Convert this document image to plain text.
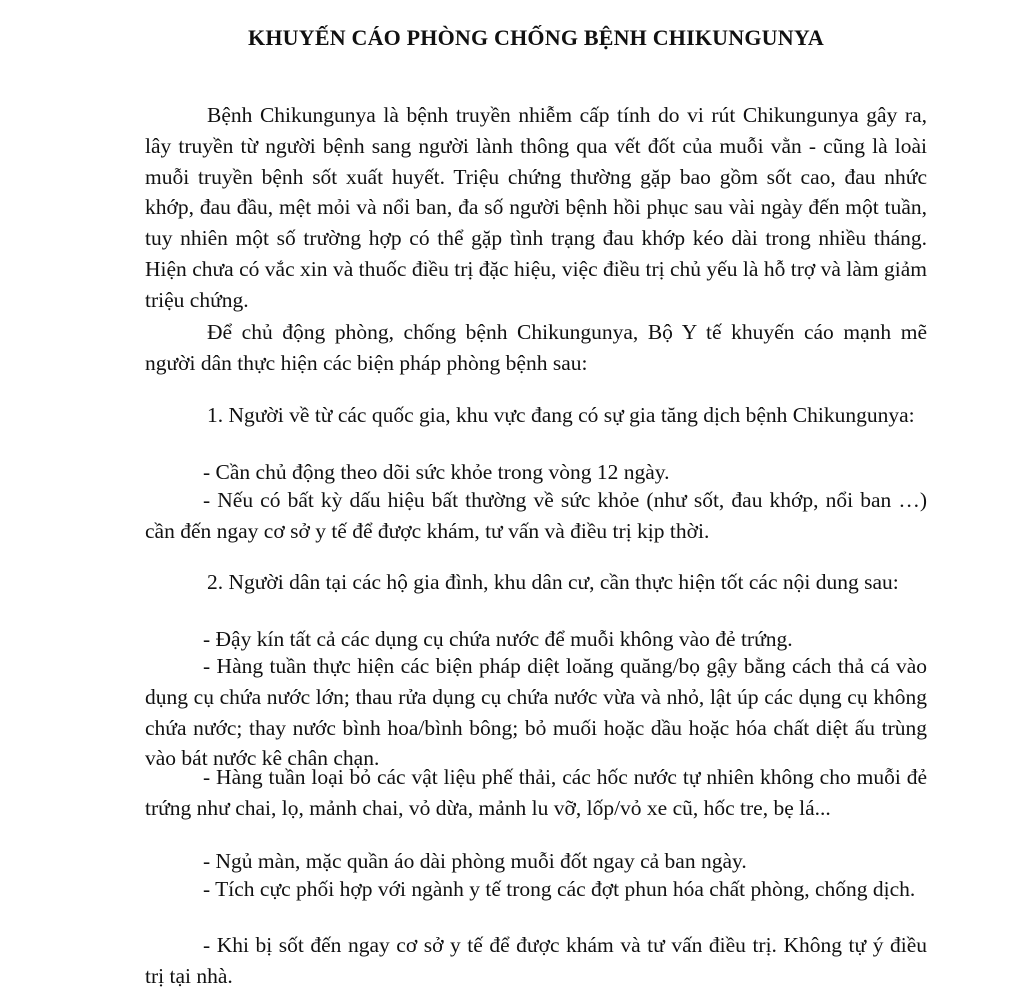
KHUYẾN CÁO PHÒNG CHỐNG BỆNH CHIKUNGUNYA

Bệnh Chikungunya là bệnh truyền nhiễm cấp tính do vi rút Chikungunya gây ra, lây truyền từ người bệnh sang người lành thông qua vết đốt của muỗi vằn - cũng là loài muỗi truyền bệnh sốt xuất huyết. Triệu chứng thường gặp bao gồm sốt cao, đau nhức khớp, đau đầu, mệt mỏi và nổi ban, đa số người bệnh hồi phục sau vài ngày đến một tuần, tuy nhiên một số trường hợp có thể gặp tình trạng đau khớp kéo dài trong nhiều tháng. Hiện chưa có vắc xin và thuốc điều trị đặc hiệu, việc điều trị chủ yếu là hỗ trợ và làm giảm triệu chứng.

Để chủ động phòng, chống bệnh Chikungunya, Bộ Y tế khuyến cáo mạnh mẽ người dân thực hiện các biện pháp phòng bệnh sau:

1. Người về từ các quốc gia, khu vực đang có sự gia tăng dịch bệnh Chikungunya:

- Cần chủ động theo dõi sức khỏe trong vòng 12 ngày.

- Nếu có bất kỳ dấu hiệu bất thường về sức khỏe (như sốt, đau khớp, nổi ban …) cần đến ngay cơ sở y tế để được khám, tư vấn và điều trị kịp thời.

2. Người dân tại các hộ gia đình, khu dân cư, cần thực hiện tốt các nội dung sau:

- Đậy kín tất cả các dụng cụ chứa nước để muỗi không vào đẻ trứng.

- Hàng tuần thực hiện các biện pháp diệt loăng quăng/bọ gậy bằng cách thả cá vào dụng cụ chứa nước lớn; thau rửa dụng cụ chứa nước vừa và nhỏ, lật úp các dụng cụ không chứa nước; thay nước bình hoa/bình bông; bỏ muối hoặc dầu hoặc hóa chất diệt ấu trùng vào bát nước kê chân chạn.

- Hàng tuần loại bỏ các vật liệu phế thải, các hốc nước tự nhiên không cho muỗi đẻ trứng như chai, lọ, mảnh chai, vỏ dừa, mảnh lu vỡ, lốp/vỏ xe cũ, hốc tre, bẹ lá...

- Ngủ màn, mặc quần áo dài phòng muỗi đốt ngay cả ban ngày.

- Tích cực phối hợp với ngành y tế trong các đợt phun hóa chất phòng, chống dịch.

- Khi bị sốt đến ngay cơ sở y tế để được khám và tư vấn điều trị. Không tự ý điều trị tại nhà.
